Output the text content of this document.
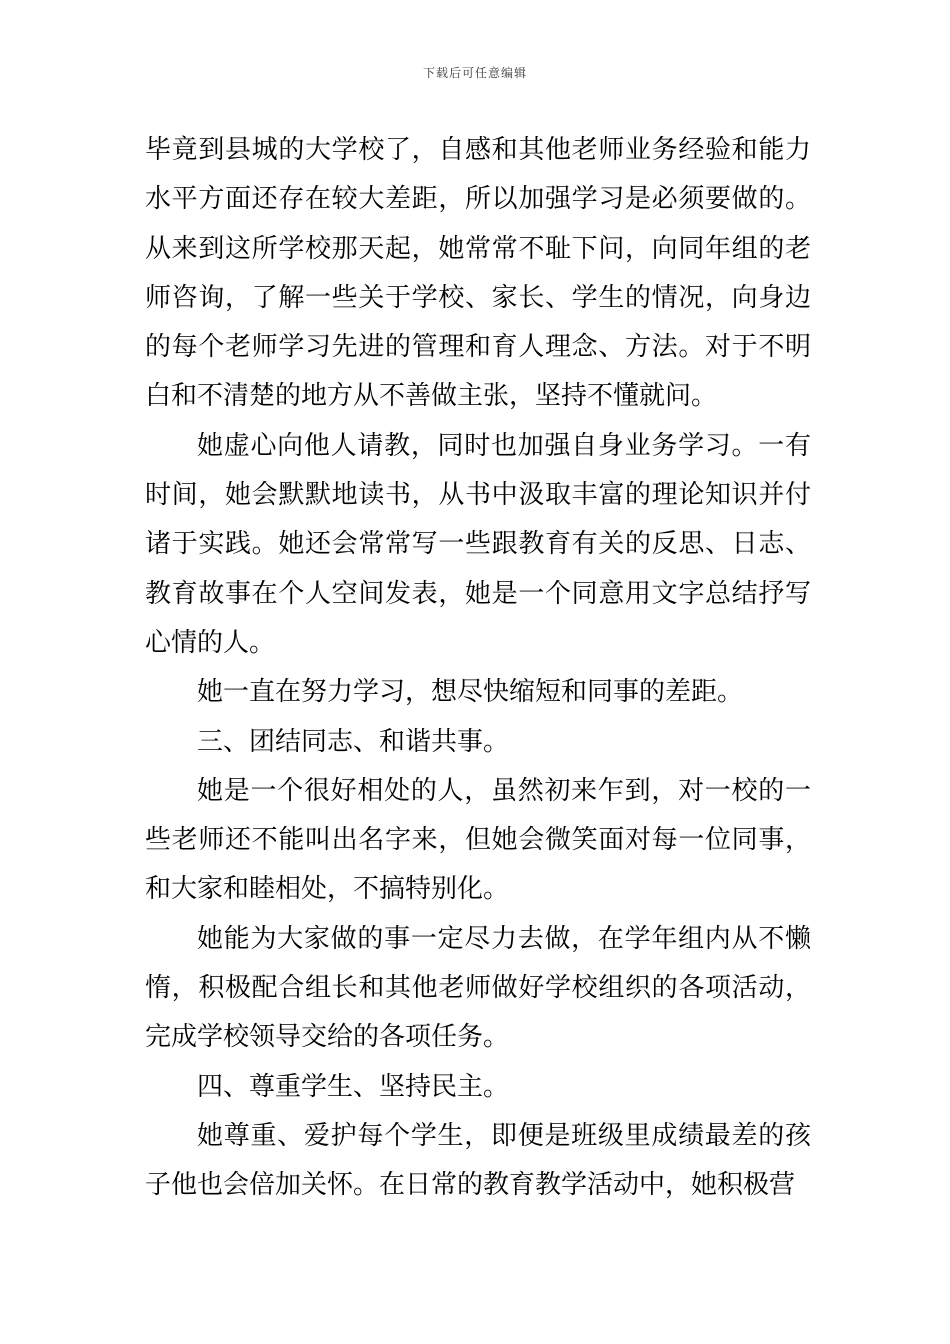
下载后可任意编辑

毕竟到县城的大学校了，自感和其他老师业务经验和能力水平方面还存在较大差距，所以加强学习是必须要做的。从来到这所学校那天起，她常常不耻下问，向同年组的老师咨询，了解一些关于学校、家长、学生的情况，向身边的每个老师学习先进的管理和育人理念、方法。对于不明白和不清楚的地方从不善做主张，坚持不懂就问。

她虚心向他人请教，同时也加强自身业务学习。一有时间，她会默默地读书，从书中汲取丰富的理论知识并付诸于实践。她还会常常写一些跟教育有关的反思、日志、教育故事在个人空间发表，她是一个同意用文字总结抒写心情的人。

她一直在努力学习，想尽快缩短和同事的差距。

三、团结同志、和谐共事。

她是一个很好相处的人，虽然初来乍到，对一校的一些老师还不能叫出名字来，但她会微笑面对每一位同事，和大家和睦相处，不搞特别化。

她能为大家做的事一定尽力去做，在学年组内从不懒惰，积极配合组长和其他老师做好学校组织的各项活动，完成学校领导交给的各项任务。

四、尊重学生、坚持民主。

她尊重、爱护每个学生，即便是班级里成绩最差的孩子他也会倍加关怀。在日常的教育教学活动中，她积极营
